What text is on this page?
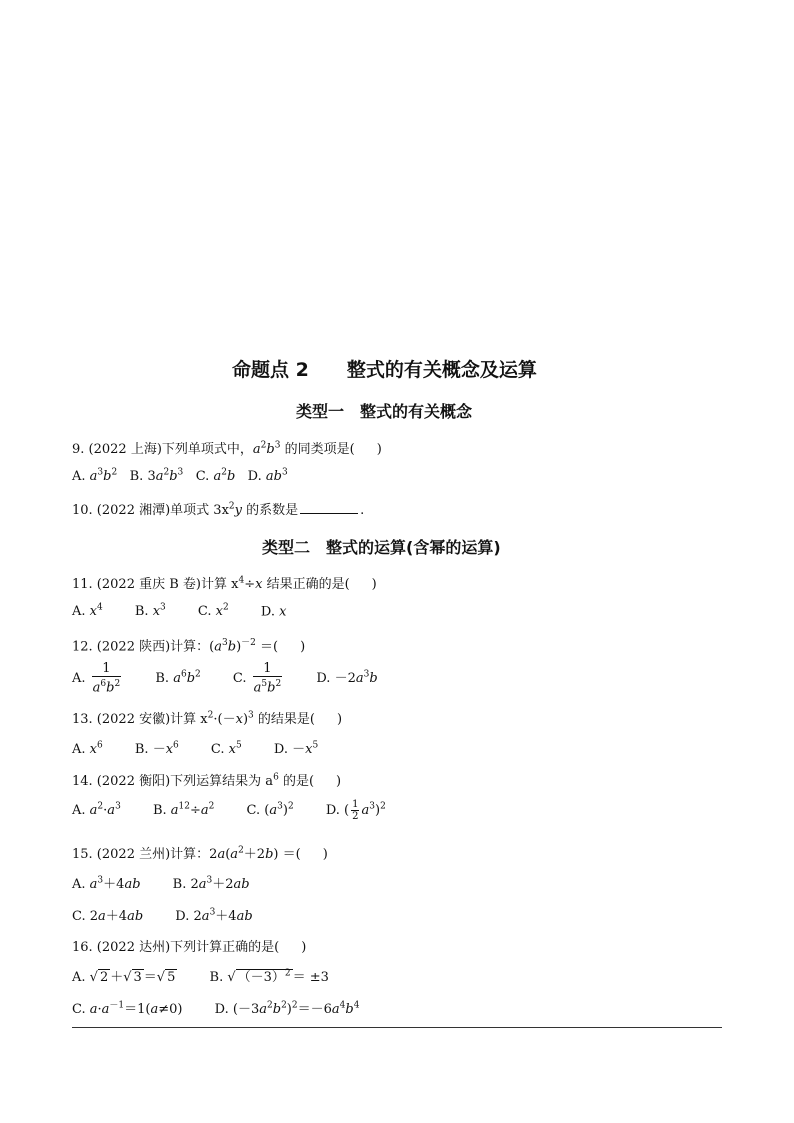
命题点 2　　整式的有关概念及运算
类型一　整式的有关概念
9. (2022 上海)下列单项式中，$a^2b^3$ 的同类项是( )
A. $a^3b^2$ B. $3a^2b^3$ C. $a^2b$ D. $ab^3$
10. (2022 湘潭)单项式 $3x^2y$ 的系数是	.
类型二　整式的运算(含幂的运算)
11. (2022 重庆 B 卷)计算 $x^4\div x$ 结果正确的是( )
A. $x^4$ B. $x^3$ C. $x^2$ D. x
12. (2022 陕西)计算：$(a^3b)^{-2}$ ＝( )
A. $\frac{1}{a^6b^2}$	B. $a^6b^2$ C. $\frac{1}{a^5b^2}$	D. $-2a^3b$
13. (2022 安徽)计算 $x^2\cdot(-x)^3$ 的结果是( )
A. $x^6$ B. $-x^6$ C. $x^5$ D. $-x^5$
14. (2022 衡阳)下列运算结果为 $a^6$ 的是( )
A. $a^2\cdot a^3$ B. $a^{12}\div a^2$ C. $(a^3)^2$ D. ( $\frac{1}{2} a^3)^2$
15. (2022 兰州)计算：$2a(a^2+2b)$ ＝( )
A. $a^3+4ab$ B. $2a^3+2ab$
C. 2a＋4ab D. $2a^3+4ab$
16. (2022 达州)下列计算正确的是( )
A. √ 2 ＋√ 3 ＝√ 5	B. √ $(-3)^2 = \pm 3$
C. $a\cdot a^{-1}=1(a\ne 0)$ D. $(-3a^2b^2)^2=-6a^4b^4$
